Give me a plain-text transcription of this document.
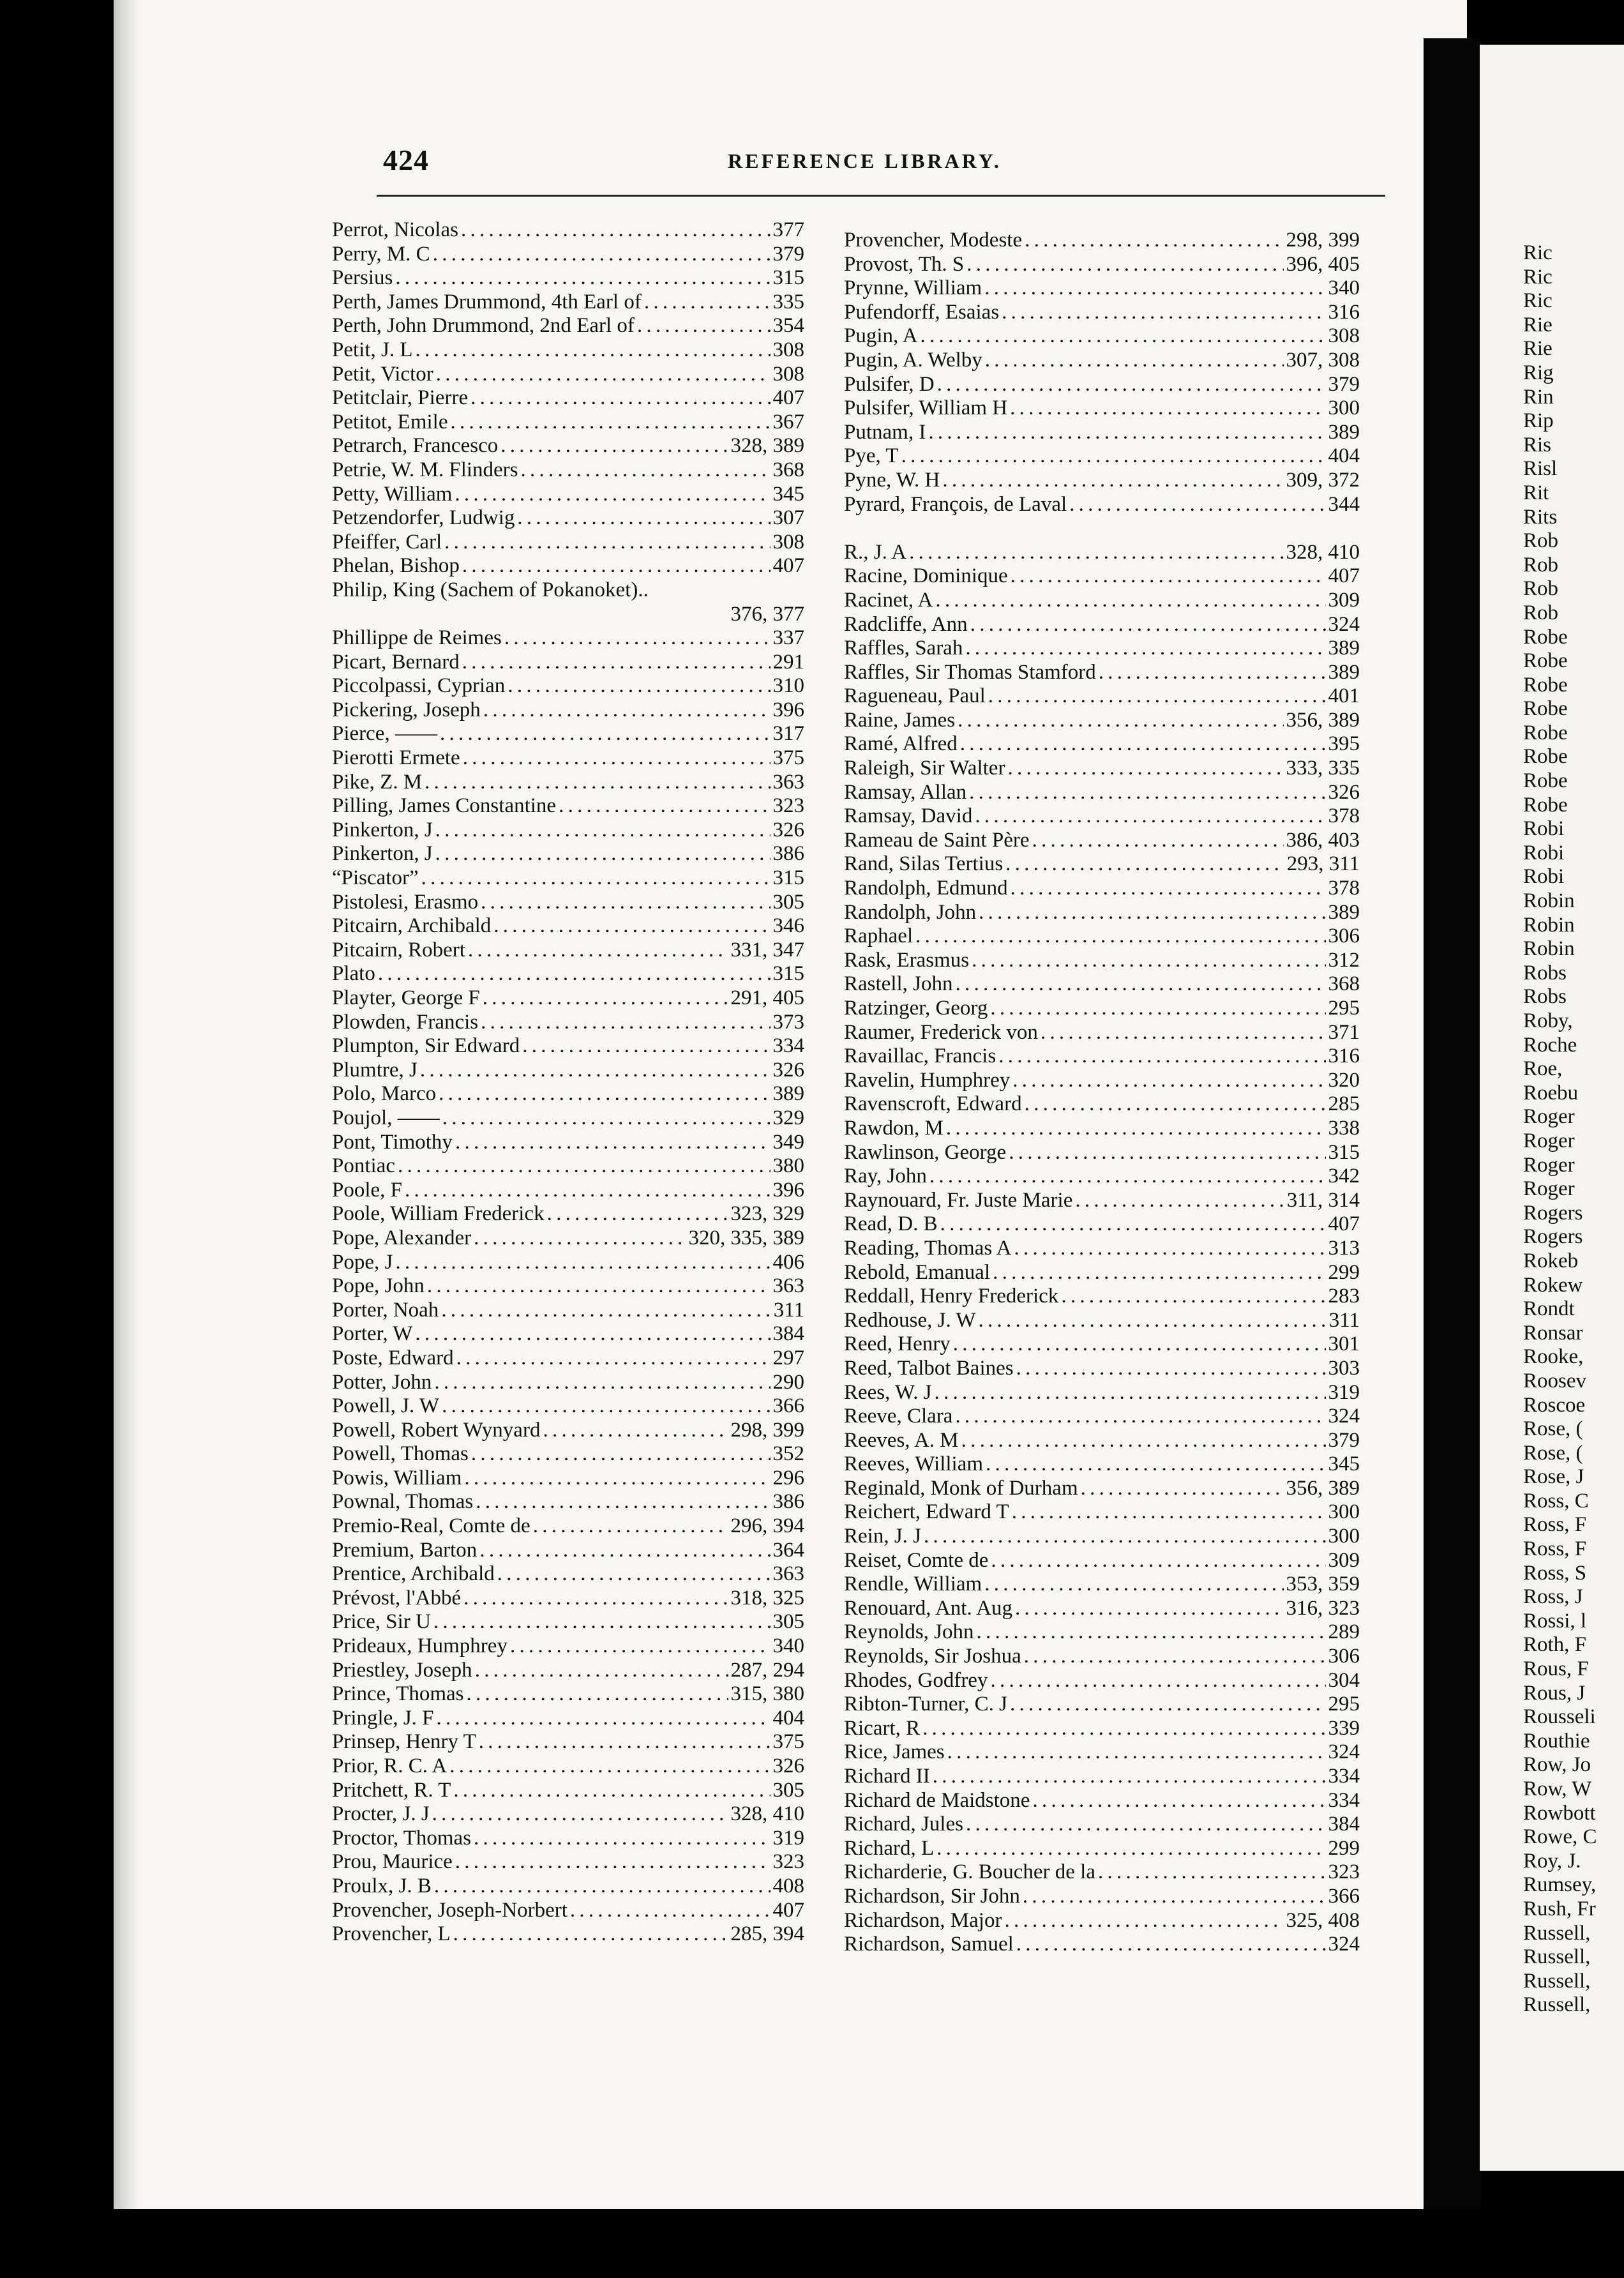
424	REFERENCE LIBRARY.
Perrot, Nicolas . . .	377
Perry, M. C . . .	379
Persius . . .	315
Perth, James Drummond, 4th Earl of . . .	335
Perth, John Drummond, 2nd Earl of . . .	354
Petit, J. L . . .	308
Petit, Victor . . .	308
Petitclair, Pierre . . .	407
Petitot, Emile . . .	367
Petrarch, Francesco . . .	328, 389
Petrie, W. M. Flinders . . .	368
Petty, William . . .	345
Petzendorfer, Ludwig . . .	307
Pfeiffer, Carl . . .	308
Phelan, Bishop . . .	407
Philip, King (Sachem of Pokanoket)..
376, 377
Phillippe de Reimes . . .	337
Picart, Bernard . . .	291
Piccolpassi, Cyprian . . .	310
Pickering, Joseph . . .	396
Pierce, —— . . .	317
Pierotti Ermete . . .	375
Pike, Z. M . . .	363
Pilling, James Constantine . . .	323
Pinkerton, J . . .	326
Pinkerton, J . . .	386
“Piscator” . . .	315
Pistolesi, Erasmo . . .	305
Pitcairn, Archibald . . .	346
Pitcairn, Robert . . .	331, 347
Plato . . .	315
Playter, George F . . .	291, 405
Plowden, Francis . . .	373
Plumpton, Sir Edward . . .	334
Plumtre, J . . .	326
Polo, Marco . . .	389
Poujol, —— . . .	329
Pont, Timothy . . .	349
Pontiac . . .	380
Poole, F . . .	396
Poole, William Frederick . . .	323, 329
Pope, Alexander . . .	320, 335, 389
Pope, J . . .	406
Pope, John . . .	363
Porter, Noah . . .	311
Porter, W . . .	384
Poste, Edward . . .	297
Potter, John . . .	290
Powell, J. W . . .	366
Powell, Robert Wynyard . . .	298, 399
Powell, Thomas . . .	352
Powis, William . . .	296
Pownal, Thomas . . .	386
Premio-Real, Comte de . . .	296, 394
Premium, Barton . . .	364
Prentice, Archibald . . .	363
Prévost, l'Abbé . . .	318, 325
Price, Sir U . . .	305
Prideaux, Humphrey . . .	340
Priestley, Joseph . . .	287, 294
Prince, Thomas . . .	315, 380
Pringle, J. F . . .	404
Prinsep, Henry T . . .	375
Prior, R. C. A . . .	326
Pritchett, R. T . . .	305
Procter, J. J . . .	328, 410
Proctor, Thomas . . .	319
Prou, Maurice . . .	323
Proulx, J. B . . .	408
Provencher, Joseph-Norbert . . .	407
Provencher, L . . .	285, 394
Provencher, Modeste . . .	298, 399
Provost, Th. S . . .	396, 405
Prynne, William . . .	340
Pufendorff, Esaias . . .	316
Pugin, A . . .	308
Pugin, A. Welby . . .	307, 308
Pulsifer, D . . .	379
Pulsifer, William H . . .	300
Putnam, I . . .	389
Pye, T . . .	404
Pyne, W. H . . .	309, 372
Pyrard, François, de Laval . . .	344
R., J. A . . .	328, 410
Racine, Dominique . . .	407
Racinet, A . . .	309
Radcliffe, Ann . . .	324
Raffles, Sarah . . .	389
Raffles, Sir Thomas Stamford . . .	389
Ragueneau, Paul . . .	401
Raine, James . . .	356, 389
Ramé, Alfred . . .	395
Raleigh, Sir Walter . . .	333, 335
Ramsay, Allan . . .	326
Ramsay, David . . .	378
Rameau de Saint Père . . .	386, 403
Rand, Silas Tertius . . .	293, 311
Randolph, Edmund . . .	378
Randolph, John . . .	389
Raphael . . .	306
Rask, Erasmus . . .	312
Rastell, John . . .	368
Ratzinger, Georg . . .	295
Raumer, Frederick von . . .	371
Ravaillac, Francis . . .	316
Ravelin, Humphrey . . .	320
Ravenscroft, Edward . . .	285
Rawdon, M . . .	338
Rawlinson, George . . .	315
Ray, John . . .	342
Raynouard, Fr. Juste Marie . . .	311, 314
Read, D. B . . .	407
Reading, Thomas A . . .	313
Rebold, Emanual . . .	299
Reddall, Henry Frederick . . .	283
Redhouse, J. W . . .	311
Reed, Henry . . .	301
Reed, Talbot Baines . . .	303
Rees, W. J . . .	319
Reeve, Clara . . .	324
Reeves, A. M . . .	379
Reeves, William . . .	345
Reginald, Monk of Durham . . .	356, 389
Reichert, Edward T . . .	300
Rein, J. J . . .	300
Reiset, Comte de . . .	309
Rendle, William . . .	353, 359
Renouard, Ant. Aug . . .	316, 323
Reynolds, John . . .	289
Reynolds, Sir Joshua . . .	306
Rhodes, Godfrey . . .	304
Ribton-Turner, C. J . . .	295
Ricart, R . . .	339
Rice, James . . .	324
Richard II . . .	334
Richard de Maidstone . . .	334
Richard, Jules . . .	384
Richard, L . . .	299
Richarderie, G. Boucher de la . . .	323
Richardson, Sir John . . .	366
Richardson, Major . . .	325, 408
Richardson, Samuel . . .	324
Ric
Ric
Ric
Rie
Rie
Rig
Rin
Rip
Ris
Risl
Rit
Rits
Rob
Rob
Rob
Rob
Robe
Robe
Robe
Robe
Robe
Robe
Robe
Robe
Robi
Robi
Robi
Robin
Robin
Robin
Robs
Robs
Roby,
Roche
Roe,
Roebu
Roger
Roger
Roger
Roger
Rogers
Rogers
Rokeb
Rokew
Rondt
Ronsar
Rooke,
Roosev
Roscoe
Rose, (
Rose, (
Rose, J
Ross, C
Ross, F
Ross, F
Ross, S
Ross, J
Rossi, l
Roth, F
Rous, F
Rous, J
Rousseli
Routhie
Row, Jo
Row, W
Rowbott
Rowe, C
Roy, J.
Rumsey,
Rush, Fr
Russell,
Russell,
Russell,
Russell,
